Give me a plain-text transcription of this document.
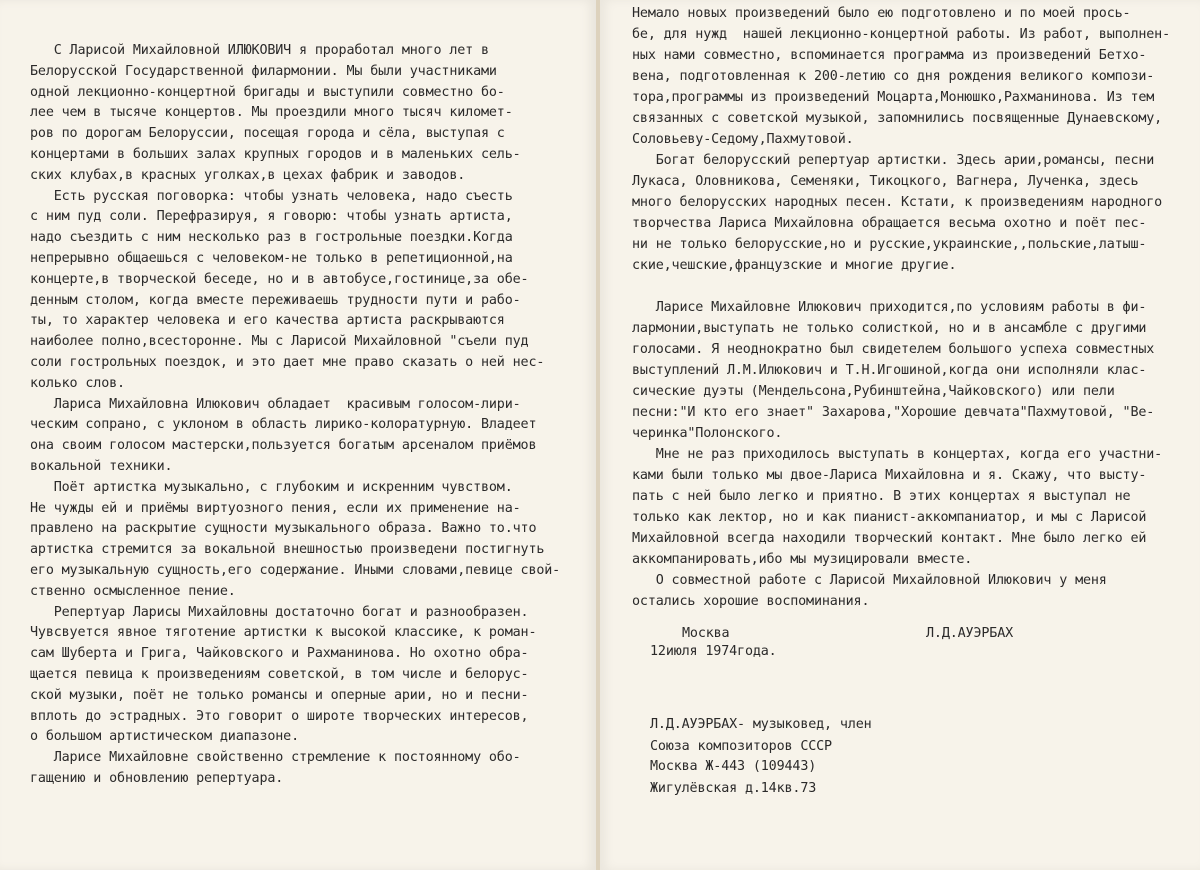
С Ларисой Михайловной ИЛЮКОВИЧ я проработал много лет в
Белорусской Государственной филармонии. Мы были участниками
одной лекционно-концертной бригады и выступили совместно бо-
лее чем в тысяче концертов. Мы проездили много тысяч километ-
ров по дорогам Белоруссии, посещая города и сёла, выступая с
концертами в больших залах крупных городов и в маленьких сель-
ских клубах,в красных уголках,в цехах фабрик и заводов.
Есть русская поговорка: чтобы узнать человека, надо съесть
с ним пуд соли. Перефразируя, я говорю: чтобы узнать артиста,
надо съездить с ним несколько раз в гострольные поездки.Когда
непрерывно общаешься с человеком-не только в репетиционной,на
концерте,в творческой беседе, но и в автобусе,гостинице,за обе-
денным столом, когда вместе переживаешь трудности пути и рабо-
ты, то характер человека и его качества артиста раскрываются
наиболее полно,всесторонне. Мы с Ларисой Михайловной "съели пуд
соли гострольных поездок, и это дает мне право сказать о ней нес-
колько слов.
Лариса Михайловна Илюкович обладает  красивым голосом-лири-
ческим сопрано, с уклоном в область лирико-колоратурную. Владеет
она своим голосом мастерски,пользуется богатым арсеналом приёмов
вокальной техники.
Поёт артистка музыкально, с глубоким и искренним чувством.
Не чужды ей и приёмы виртуозного пения, если их применение на-
правлено на раскрытие сущности музыкального образа. Важно то.что
артистка стремится за вокальной внешностью произведени постигнуть
его музыкальную сущность,его содержание. Иными словами,певице свой-
ственно осмысленное пение.
Репертуар Ларисы Михайловны достаточно богат и разнообразен.
Чувсвуется явное тяготение артистки к высокой классике, к роман-
сам Шуберта и Грига, Чайковского и Рахманинова. Но охотно обра-
щается певица к произведениям советской, в том числе и белорус-
ской музыки, поёт не только романсы и оперные арии, но и песни-
вплоть до эстрадных. Это говорит о широте творческих интересов,
о большом артистическом диапазоне.
Ларисе Михайловне свойственно стремление к постоянному обо-
гащению и обновлению репертуара.
Москва	Л.Д.АУЭРБАХ
12июля 1974года.
Л.Д.АУЭРБАХ- музыковед, член
Союза композиторов СССР
Москва Ж-443 (109443)
Жигулёвская д.14кв.73
Немало новых произведений было ею подготовлено и по моей прось-
бе, для нужд  нашей лекционно-концертной работы. Из работ, выполнен-
ных нами совместно, вспоминается программа из произведений Бетхо-
вена, подготовленная к 200-летию со дня рождения великого компози-
тора,программы из произведений Моцарта,Монюшко,Рахманинова. Из тем
связанных с советской музыкой, запомнились посвященные Дунаевскому,
Соловьеву-Седому,Пахмутовой.
Богат белорусский репертуар артистки. Здесь арии,романсы, песни
Лукаса, Оловникова, Семеняки, Тикоцкого, Вагнера, Лученка, здесь
много белорусских народных песен. Кстати, к произведениям народного
творчества Лариса Михайловна обращается весьма охотно и поёт пес-
ни не только белорусские,но и русские,украинские,,польские,латыш-
ские,чешские,французские и многие другие.
Ларисе Михайловне Илюкович приходится,по условиям работы в фи-
лармонии,выступать не только солисткой, но и в ансамбле с другими
голосами. Я неоднократно был свидетелем большого успеха совместных
выступлений Л.М.Илюкович и Т.Н.Игошиной,когда они исполняли клас-
сические дуэты (Мендельсона,Рубинштейна,Чайковского) или пели
песни:"И кто его знает" Захарова,"Хорошие девчата"Пахмутовой, "Ве-
черинка"Полонского.
Мне не раз приходилось выступать в концертах, когда его участни-
ками были только мы двое-Лариса Михайловна и я. Скажу, что высту-
пать с ней было легко и приятно. В этих концертах я выступал не
только как лектор, но и как пианист-аккомпаниатор, и мы с Ларисой
Михайловной всегда находили творческий контакт. Мне было легко ей
аккомпанировать,ибо мы музицировали вместе.
О совместной работе с Ларисой Михайловной Илюкович у меня
остались хорошие воспоминания.
